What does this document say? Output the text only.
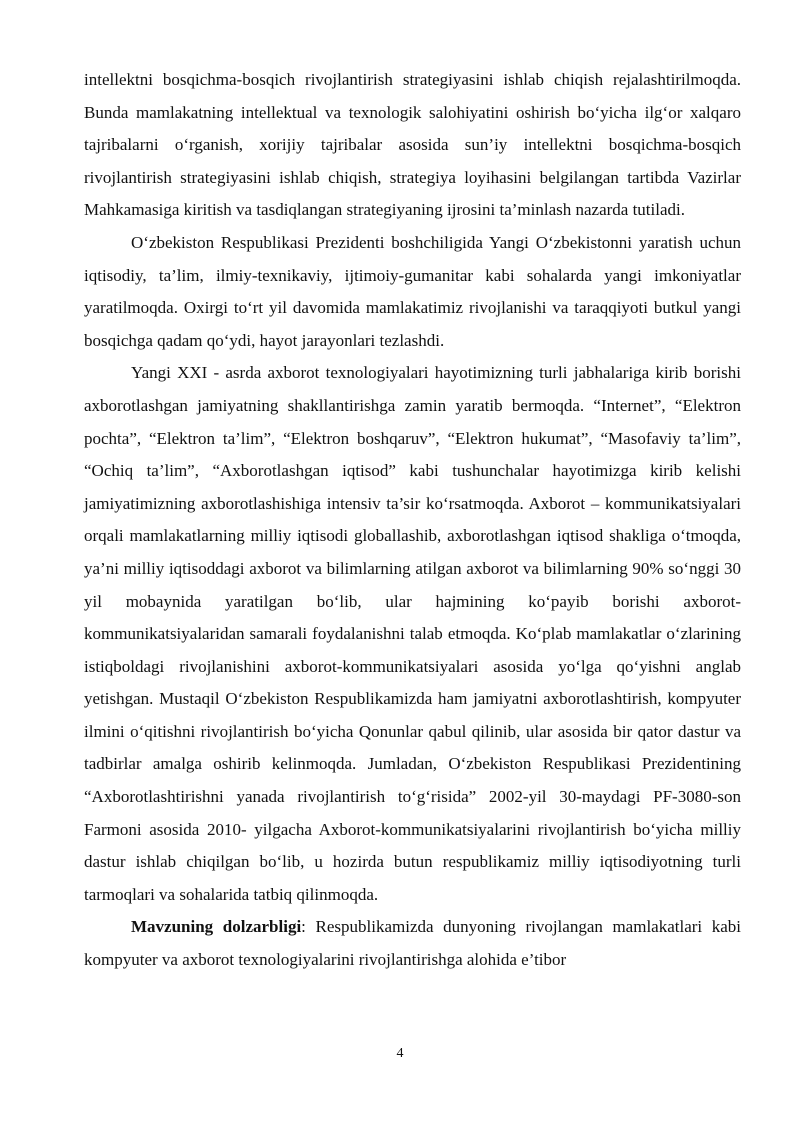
intellektni bosqichma-bosqich rivojlantirish strategiyasini ishlab chiqish rejalashtirilmoqda. Bunda mamlakatning intellektual va texnologik salohiyatini oshirish bo‘yicha ilg‘or xalqaro tajribalarni o‘rganish, xorijiy tajribalar asosida sun’iy intellektni bosqichma-bosqich rivojlantirish strategiyasini ishlab chiqish, strategiya loyihasini belgilangan tartibda Vazirlar Mahkamasiga kiritish va tasdiqlangan strategiyaning ijrosini ta’minlash nazarda tutiladi.

O‘zbekiston Respublikasi Prezidenti boshchiligida Yangi O‘zbekistonni yaratish uchun iqtisodiy, ta’lim, ilmiy-texnikaviy, ijtimoiy-gumanitar kabi sohalarda yangi imkoniyatlar yaratilmoqda. Oxirgi to‘rt yil davomida mamlakatimiz rivojlanishi va taraqqiyoti butkul yangi bosqichga qadam qo‘ydi, hayot jarayonlari tezlashdi.

Yangi XXI - asrda axborot texnologiyalari hayotimizning turli jabhalariga kirib borishi axborotlashgan jamiyatning shakllantirishga zamin yaratib bermoqda. “Internet”, “Elektron pochta”, “Elektron ta’lim”, “Elektron boshqaruv”, “Elektron hukumat”, “Masofaviy ta’lim”, “Ochiq ta’lim”, “Axborotlashgan iqtisod” kabi tushunchalar hayotimizga kirib kelishi jamiyatimizning axborotlashishiga intensiv ta’sir ko‘rsatmoqda. Axborot – kommunikatsiyalari orqali mamlakatlarning milliy iqtisodi globallashib, axborotlashgan iqtisod shakliga o‘tmoqda, ya’ni milliy iqtisoddagi axborot va bilimlarning atilgan axborot va bilimlarning 90% so‘nggi 30 yil mobaynida yaratilgan bo‘lib, ular hajmining ko‘payib borishi axborot- kommunikatsiyalaridan samarali foydalanishni talab etmoqda. Ko‘plab mamlakatlar o‘zlarining istiqboldagi rivojlanishini axborot-kommunikatsiyalari asosida yo‘lga qo‘yishni anglab yetishgan. Mustaqil O‘zbekiston Respublikamizda ham jamiyatni axborotlashtirish, kompyuter ilmini o‘qitishni rivojlantirish bo‘yicha Qonunlar qabul qilinib, ular asosida bir qator dastur va tadbirlar amalga oshirib kelinmoqda. Jumladan, O‘zbekiston Respublikasi Prezidentining “Axborotlashtirishni yanada rivojlantirish to‘g‘risida” 2002-yil 30-maydagi PF-3080-son Farmoni asosida 2010- yilgacha Axborot-kommunikatsiyalarini rivojlantirish bo‘yicha milliy dastur ishlab chiqilgan bo‘lib, u hozirda butun respublikamiz milliy iqtisodiyotning turli tarmoqlari va sohalarida tatbiq qilinmoqda.

Mavzuning dolzarbligi: Respublikamizda dunyoning rivojlangan mamlakatlari kabi kompyuter va axborot texnologiyalarini rivojlantirishga alohida e’tibor

4
